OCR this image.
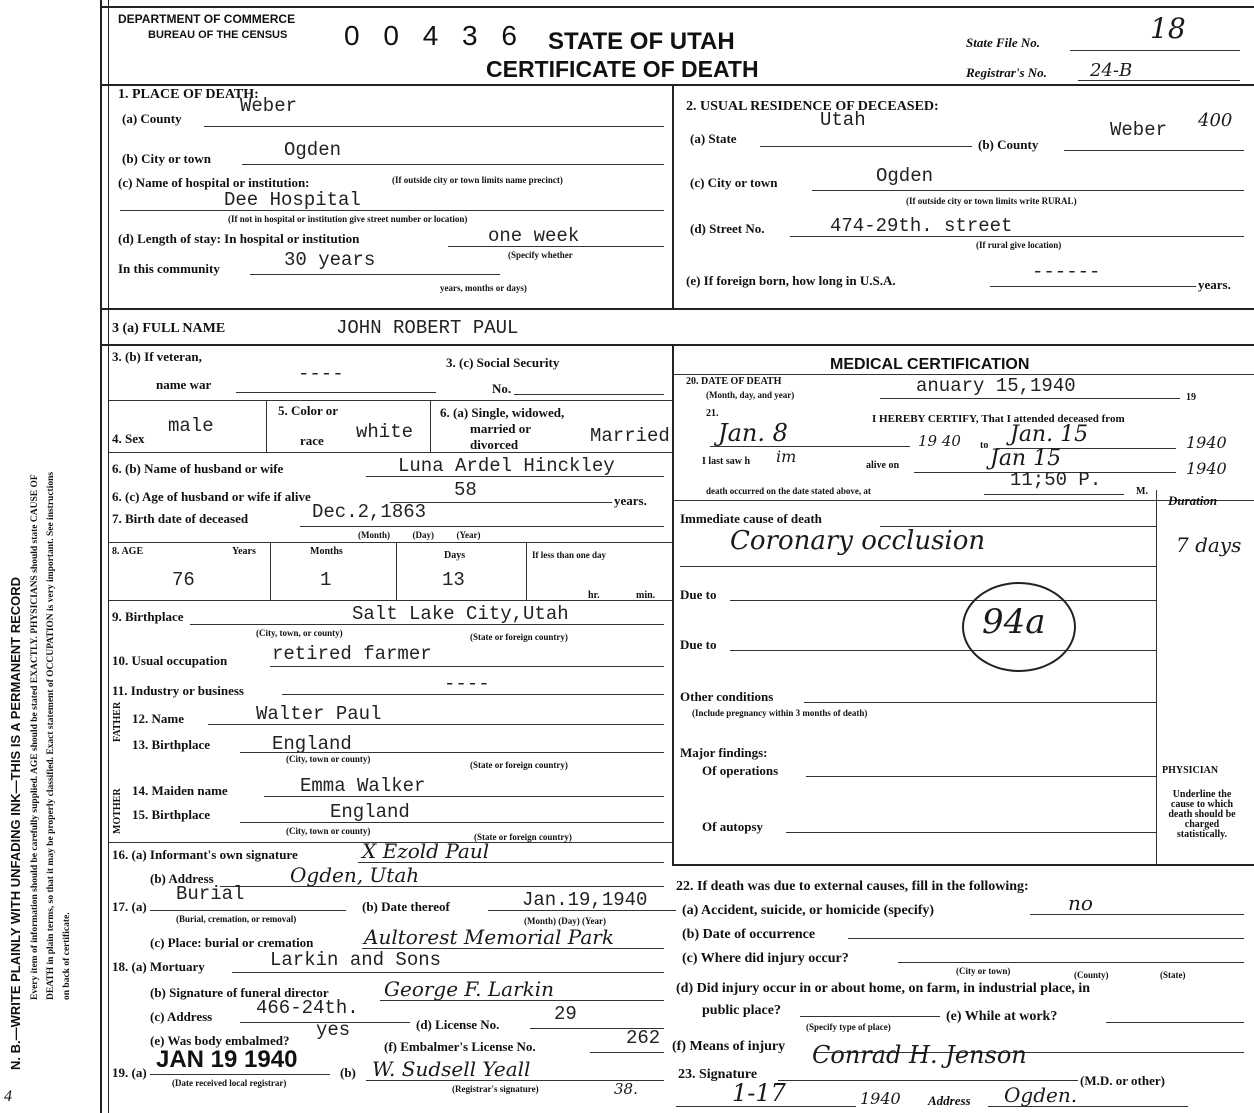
N. B.—WRITE PLAINLY WITH UNFADING INK—THIS IS A PERMANENT RECORD Every item of information should be carefully supplied. AGE should be stated EXACTLY. PHYSICIANS should state CAUSE OF DEATH in plain terms, so that it may be properly classified. Exact statement of OCCUPATION is very important. See instructions on back of certificate.
4
DEPARTMENT OF COMMERCE
BUREAU OF THE CENSUS 0 0 4 3 6 STATE OF UTAH
CERTIFICATE OF DEATH
State File No.	18
Registrar's No. 24-B
1. PLACE OF DEATH:
(a) County
Weber
(b) City or town	Ogden
(c) Name of hospital or institution:	(If outside city or town limits name precinct)
Dee Hospital
(If not in hospital or institution give street number or location)
(d) Length of stay: In hospital or institution	one week
(Specify whether
In this community	30 years
years, months or days)
2. USUAL RESIDENCE OF DECEASED:
(a) State
Utah
(b) County
Weber 400
(c) City or town	Ogden
(If outside city or town limits write RURAL)
(d) Street No.	474-29th. street
(If rural give location)
(e) If foreign born, how long in U.S.A.	------
years.
3 (a) FULL NAME	JOHN ROBERT PAUL
3. (b) If veteran,
name war	----
3. (c) Social Security
No.
4. Sex
male
5. Color or
race white
6. (a) Single, widowed,
married or
divorced	Married
6. (b) Name of husband or wife	Luna Ardel Hinckley
6. (c) Age of husband or wife if alive	58	years.
7. Birth date of deceased	Dec.2,1863
(Month)          (Day)          (Year)
8. AGE	Years	Months	Days	If less than one day
76	1	13
hr.	min.
9. Birthplace	Salt Lake City,Utah
(City, town, or county)	(State or foreign country)
10. Usual occupation retired farmer
11. Industry or business	----
FATHER 12. Name	Walter Paul
13. Birthplace	England
(City, town or county)
(State or foreign country)
MOTHER 14. Maiden name	Emma Walker
15. Birthplace	England
(City, town or county)
(State or foreign country)
16. (a) Informant's own signature	X Ezold Paul
(b) Address	Ogden, Utah
17. (a)
Burial
(Burial, cremation, or removal)
(b) Date thereof	Jan.19,1940
(Month) (Day) (Year)
(c) Place: burial or cremation	Aultorest Memorial Park
18. (a) Mortuary	Larkin and Sons
(b) Signature of funeral director	George F. Larkin
(c) Address 466-24th.
(d) License No.	29
(e) Was body embalmed? yes
(f) Embalmer's License No.	262
19. (a) JAN 19 1940
(Date received local registrar)
(b) W. Sudsell Yeall
(Registrar's signature)	38.
MEDICAL CERTIFICATION
20. DATE OF DEATH
(Month, day, and year)	anuary 15,1940
19
21.	I HEREBY CERTIFY, That I attended deceased from
Jan. 8	19 40 to Jan. 15	1940
I last saw h im	alive on	Jan 15	1940
death occurred on the date stated above, at	11;50 P.
M.
Duration
Immediate cause of death
Coronary occlusion	7 days
Due to
Due to
94a
Other conditions
(Include pregnancy within 3 months of death)
Major findings:
Of operations
Of autopsy
PHYSICIAN
Underline the cause to which death should be charged statistically.
22. If death was due to external causes, fill in the following:
(a) Accident, suicide, or homicide (specify)	no
(b) Date of occurrence
(c) Where did injury occur?
(City or town)	(County)	(State)
(d) Did injury occur in or about home, on farm, in industrial place, in
public place?
(Specify type of place)
(e) While at work?
(f) Means of injury
23. Signature
Conrad H. Jenson
(M.D. or other)
1-17	1940 Address Ogden.
